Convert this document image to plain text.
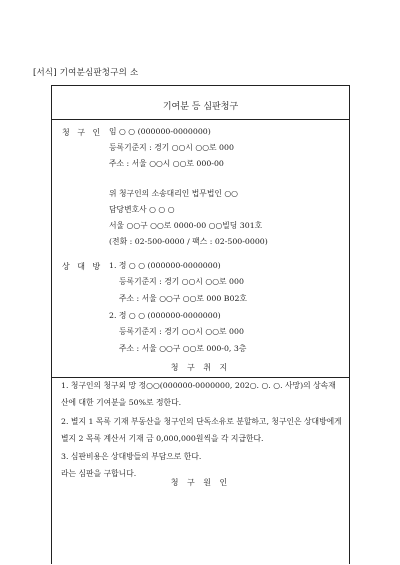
[서식] 기여분심판청구의 소
기여분 등 심판청구
청 구 인 임 ○ ○ (000000-0000000)
등록기준지 : 경기 ○○시 ○○로 000
주소 : 서울 ○○시 ○○로 000-00
위 청구인의 소송대리인 법무법인 ○○
담당변호사 ○ ○ ○
서울 ○○구 ○○로 0000-00 ○○빌딩 301호
(전화 : 02-500-0000 / 팩스 : 02-500-0000)
상 대 방 1. 정 ○ ○ (000000-0000000)
등록기준지 : 경기 ○○시 ○○로 000
주소 : 서울 ○○구 ○○로 000 B02호
2. 정 ○ ○ (000000-0000000)
등록기준지 : 경기 ○○시 ○○로 000
주소 : 서울 ○○구 ○○로 000-0, 3층
청 구 취 지
1. 청구인의 청구외 망 정○○(000000-0000000, 202○. ○. ○. 사망)의 상속재산에 대한 기여분을 50%로 정한다.
2. 별지 1 목록 기재 부동산을 청구인의 단독소유로 분할하고, 청구인은 상대방에게 별지 2 목록 계산서 기재 금 0,000,000원씩을 각 지급한다.
3. 심판비용은 상대방들의 부담으로 한다.
라는 심판을 구합니다.
청 구 원 인
